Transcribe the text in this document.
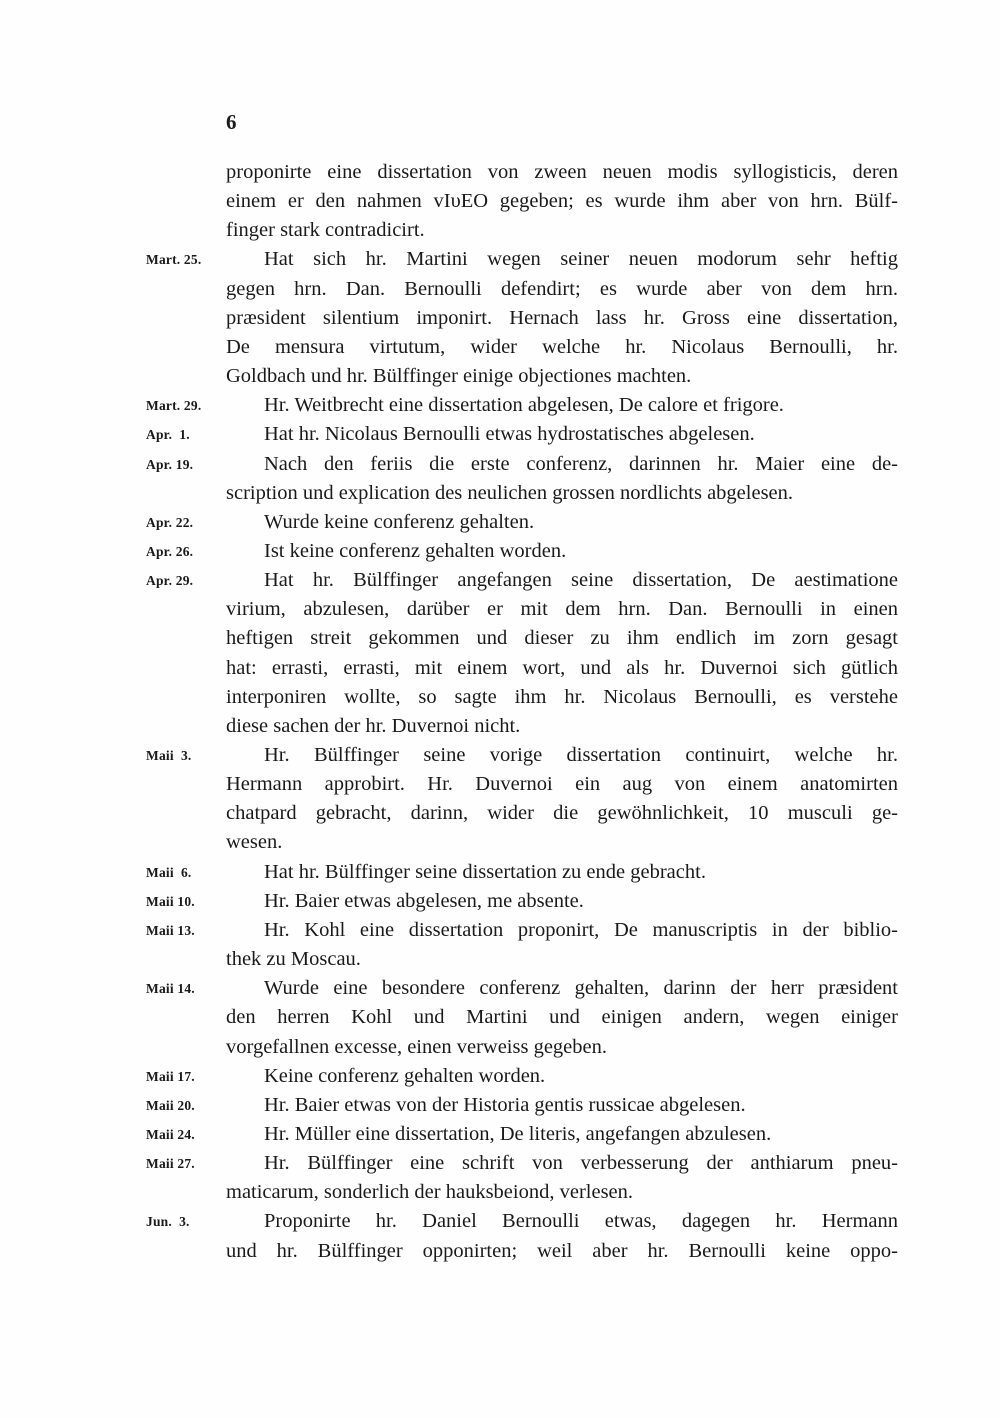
6
proponirte eine dissertation von zween neuen modis syllogisticis, deren
einem er den nahmen vIυEO gegeben; es wurde ihm aber von hrn. Bülf-
finger stark contradicirt.
Mart. 25.	Hat sich hr. Martini wegen seiner neuen modorum sehr heftig
gegen hrn. Dan. Bernoulli defendirt; es wurde aber von dem hrn.
præsident silentium imponirt. Hernach lass hr. Gross eine dissertation,
De mensura virtutum, wider welche hr. Nicolaus Bernoulli, hr.
Goldbach und hr. Bülffinger einige objectiones machten.
Mart. 29.	Hr. Weitbrecht eine dissertation abgelesen, De calore et frigore.
Apr.  1.	Hat hr. Nicolaus Bernoulli etwas hydrostatisches abgelesen.
Apr. 19.	Nach den feriis die erste conferenz, darinnen hr. Maier eine de-
scription und explication des neulichen grossen nordlichts abgelesen.
Apr. 22.	Wurde keine conferenz gehalten.
Apr. 26.	Ist keine conferenz gehalten worden.
Apr. 29.	Hat hr. Bülffinger angefangen seine dissertation, De aestimatione
virium, abzulesen, darüber er mit dem hrn. Dan. Bernoulli in einen
heftigen streit gekommen und dieser zu ihm endlich im zorn gesagt
hat: errasti, errasti, mit einem wort, und als hr. Duvernoi sich gütlich
interponiren wollte, so sagte ihm hr. Nicolaus Bernoulli, es verstehe
diese sachen der hr. Duvernoi nicht.
Maii  3.	Hr. Bülffinger seine vorige dissertation continuirt, welche hr.
Hermann approbirt. Hr. Duvernoi ein aug von einem anatomirten
chatpard gebracht, darinn, wider die gewöhnlichkeit, 10 musculi ge-
wesen.
Maii  6.	Hat hr. Bülffinger seine dissertation zu ende gebracht.
Maii 10.	Hr. Baier etwas abgelesen, me absente.
Maii 13.	Hr. Kohl eine dissertation proponirt, De manuscriptis in der biblio-
thek zu Moscau.
Maii 14.	Wurde eine besondere conferenz gehalten, darinn der herr præsident
den herren Kohl und Martini und einigen andern, wegen einiger
vorgefallnen excesse, einen verweiss gegeben.
Maii 17.	Keine conferenz gehalten worden.
Maii 20.	Hr. Baier etwas von der Historia gentis russicae abgelesen.
Maii 24.	Hr. Müller eine dissertation, De literis, angefangen abzulesen.
Maii 27.	Hr. Bülffinger eine schrift von verbesserung der anthiarum pneu-
maticarum, sonderlich der hauksbeiond, verlesen.
Jun.  3.	Proponirte hr. Daniel Bernoulli etwas, dagegen hr. Hermann
und hr. Bülffinger opponirten; weil aber hr. Bernoulli keine oppo-
